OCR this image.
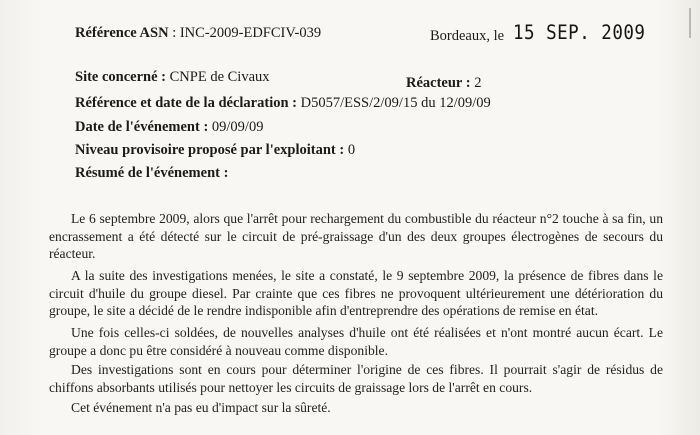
Référence ASN : INC-2009-EDFCIV-039	Bordeaux, le 15 SEP. 2009
Site concerné : CNPE de Civaux	Réacteur : 2
Référence et date de la déclaration : D5057/ESS/2/09/15 du 12/09/09
Date de l'événement : 09/09/09
Niveau provisoire proposé par l'exploitant : 0
Résumé de l'événement :
Le 6 septembre 2009, alors que l'arrêt pour rechargement du combustible du réacteur n°2 touche à sa fin, un encrassement a été détecté sur le circuit de pré-graissage d'un des deux groupes électrogènes de secours du réacteur.
A la suite des investigations menées, le site a constaté, le 9 septembre 2009, la présence de fibres dans le circuit d'huile du groupe diesel. Par crainte que ces fibres ne provoquent ultérieurement une détérioration du groupe, le site a décidé de le rendre indisponible afin d'entreprendre des opérations de remise en état.
Une fois celles-ci soldées, de nouvelles analyses d'huile ont été réalisées et n'ont montré aucun écart. Le groupe a donc pu être considéré à nouveau comme disponible.
Des investigations sont en cours pour déterminer l'origine de ces fibres. Il pourrait s'agir de résidus de chiffons absorbants utilisés pour nettoyer les circuits de graissage lors de l'arrêt en cours.
Cet événement n'a pas eu d'impact sur la sûreté.
